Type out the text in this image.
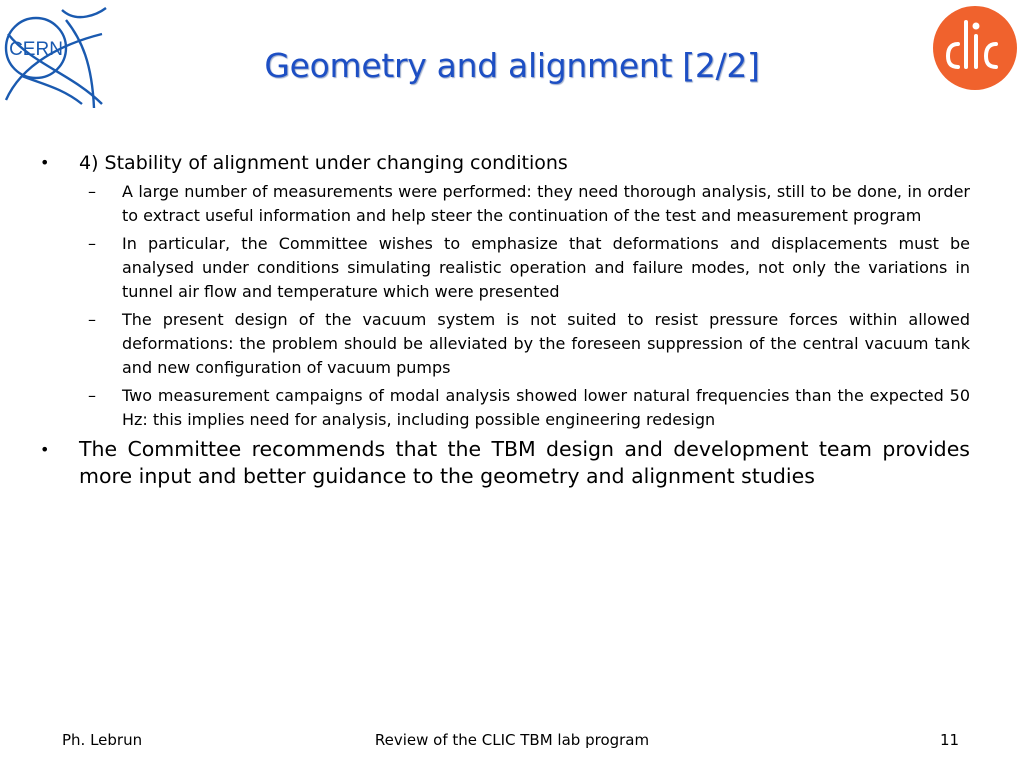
CERN
CLIC
Geometry and alignment [2/2]
• 4) Stability of alignment under changing conditions
– A large number of measurements were performed: they need thorough analysis, still to be done, in order to extract useful information and help steer the continuation of the test and measurement program
– In particular, the Committee wishes to emphasize that deformations and displacements must be analysed under conditions simulating realistic operation and failure modes, not only the variations in tunnel air flow and temperature which were presented
– The present design of the vacuum system is not suited to resist pressure forces within allowed deformations: the problem should be alleviated by the foreseen suppression of the central vacuum tank and new configuration of vacuum pumps
– Two measurement campaigns of modal analysis showed lower natural frequencies than the expected 50 Hz: this implies need for analysis, including possible engineering redesign
• The Committee recommends that the TBM design and development team provides more input and better guidance to the geometry and alignment studies
Ph. Lebrun	Review of the CLIC TBM lab program	11
